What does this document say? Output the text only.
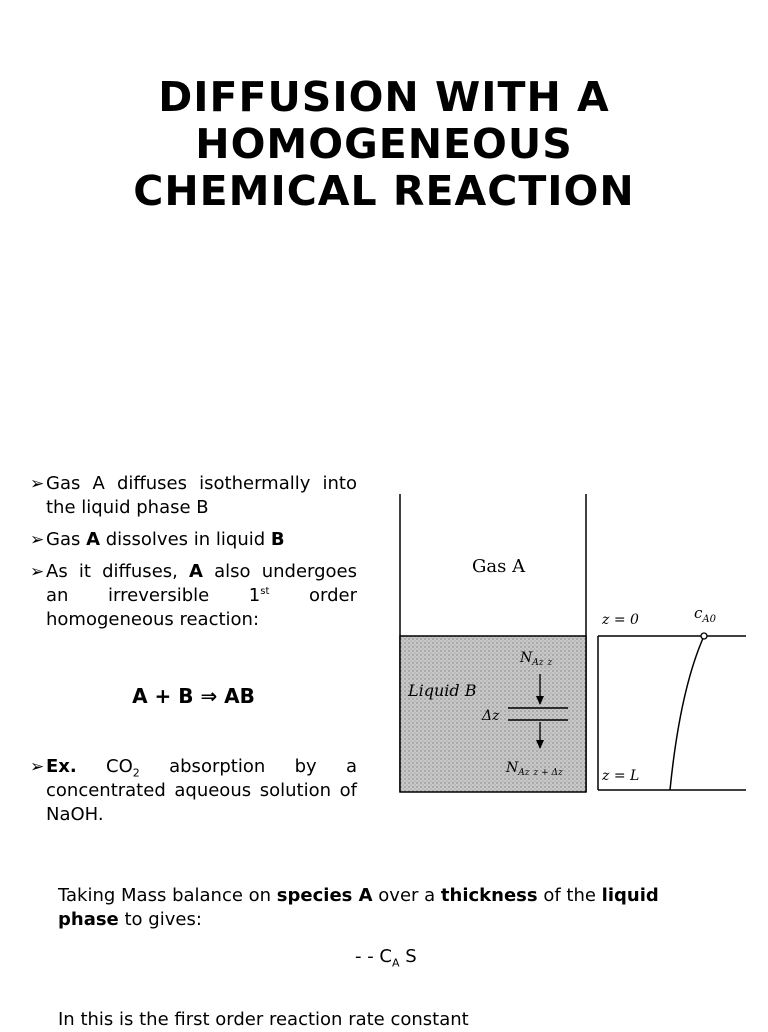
DIFFUSION WITH A
HOMOGENEOUS
CHEMICAL REACTION
➢ Gas A diffuses isothermally into the liquid phase B
➢ Gas A dissolves in liquid B
➢ As it diffuses, A also undergoes an irreversible 1st order homogeneous reaction:
A + B ⇒ AB
➢ Ex. $CO_2$ absorption by a concentrated aqueous solution of NaOH.
Gas A
Liquid B
Δz
$N_{Az}$ z
$N_{Az}$ z + Δz
z = 0
z = L
$c_{A0}$
Taking Mass balance on species A over a thickness of the liquid phase to gives:
- - $C_A$ S
In this is the first order reaction rate constant
